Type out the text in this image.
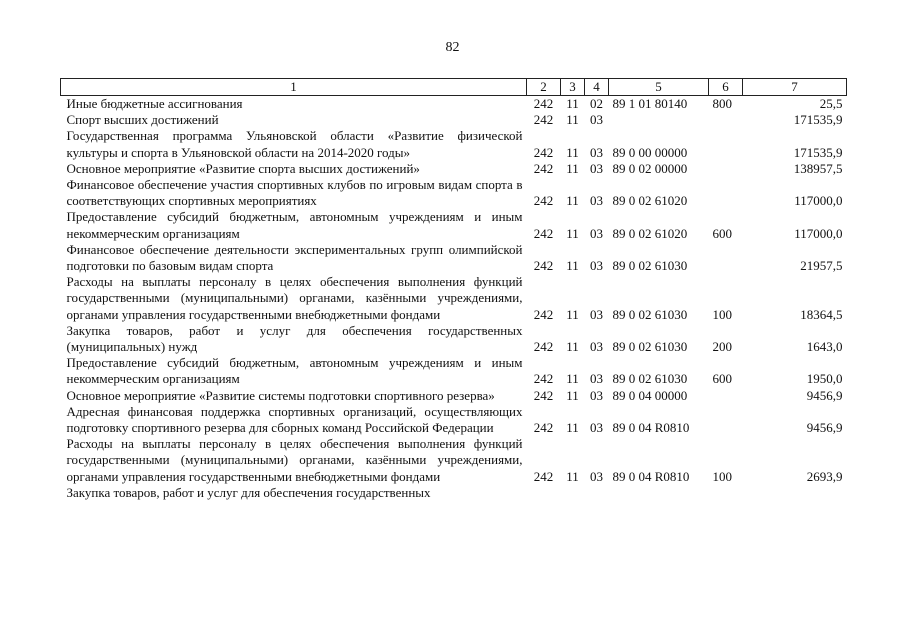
82
1	2	3	4	5	6	7
Иные бюджетные ассигнования	242	11	02	89 1 01 80140	800	25,5
Спорт высших достижений	242	11	03			171535,9
Государственная программа Ульяновской области «Развитие физической культуры и спорта в Ульяновской области на 2014-2020 годы»	242	11	03	89 0 00 00000		171535,9
Основное мероприятие «Развитие спорта высших достижений»	242	11	03	89 0 02 00000		138957,5
Финансовое обеспечение участия спортивных клубов по игровым видам спорта в соответствующих спортивных мероприятиях	242	11	03	89 0 02 61020		117000,0
Предоставление субсидий бюджетным, автономным учреждениям и иным некоммерческим организациям	242	11	03	89 0 02 61020	600	117000,0
Финансовое обеспечение деятельности экспериментальных групп олимпийской подготовки по базовым видам спорта	242	11	03	89 0 02 61030		21957,5
Расходы на выплаты персоналу в целях обеспечения выполнения функций государственными (муниципальными) органами, казёнными учреждениями, органами управления государственными внебюджетными фондами	242	11	03	89 0 02 61030	100	18364,5
Закупка товаров, работ и услуг для обеспечения государственных (муниципальных) нужд	242	11	03	89 0 02 61030	200	1643,0
Предоставление субсидий бюджетным, автономным учреждениям и иным некоммерческим организациям	242	11	03	89 0 02 61030	600	1950,0
Основное мероприятие «Развитие системы подготовки спортивного резерва»	242	11	03	89 0 04 00000		9456,9
Адресная финансовая поддержка спортивных организаций, осуществляющих подготовку спортивного резерва для сборных команд Российской Федерации	242	11	03	89 0 04 R0810		9456,9
Расходы на выплаты персоналу в целях обеспечения выполнения функций государственными (муниципальными) органами, казёнными учреждениями, органами управления государственными внебюджетными фондами	242	11	03	89 0 04 R0810	100	2693,9
Закупка товаров, работ и услуг для обеспечения государственных						
